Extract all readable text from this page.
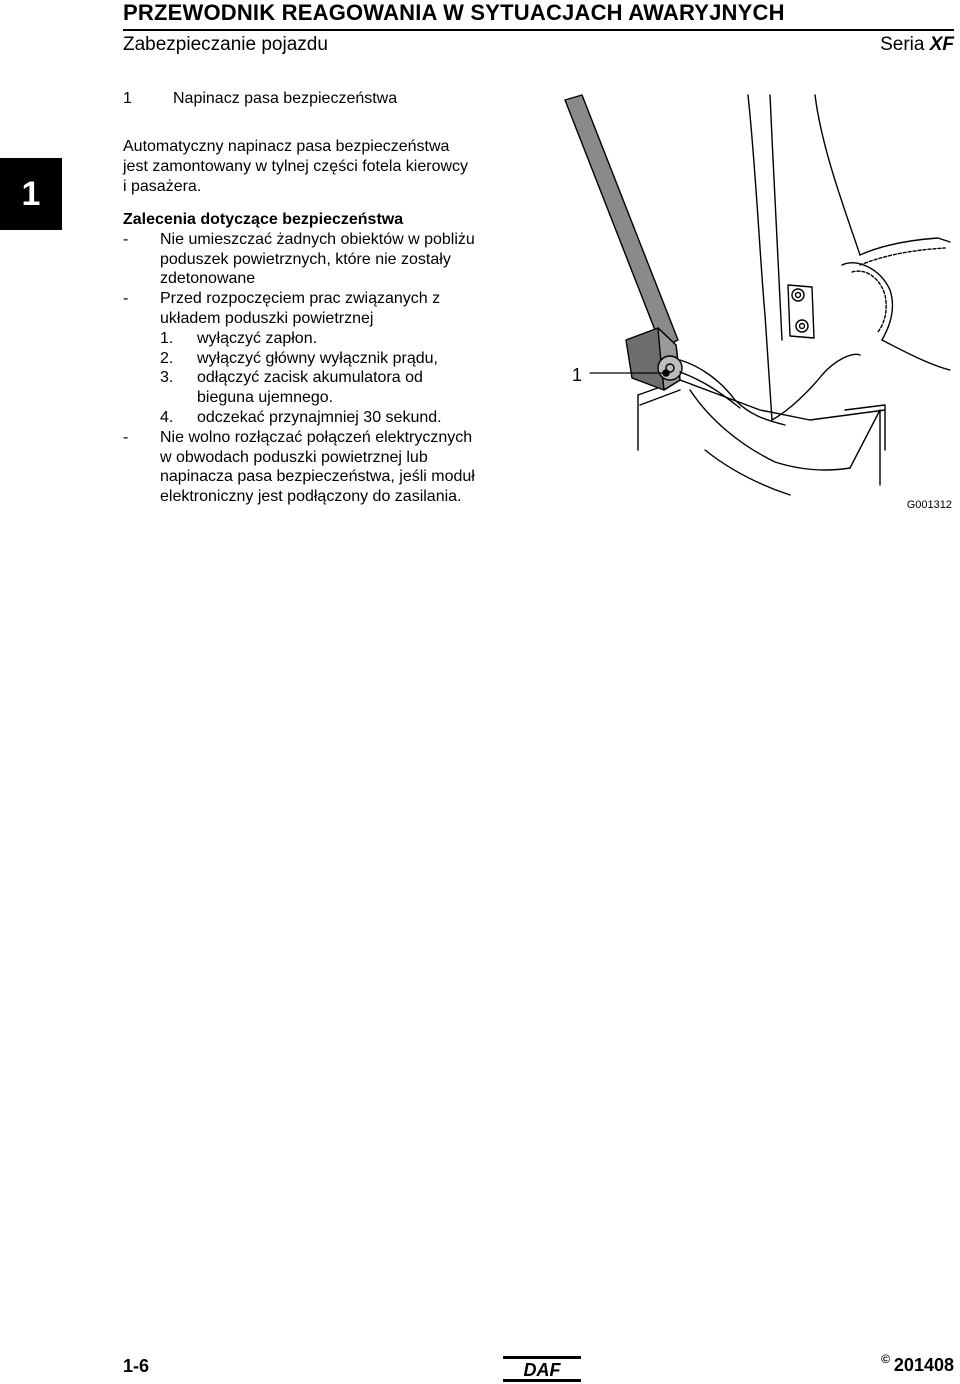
PRZEWODNIK REAGOWANIA W SYTUACJACH AWARYJNYCH
Zabezpieczanie pojazdu	Seria XF
1
1	Napinacz pasa bezpieczeństwa
Automatyczny napinacz pasa bezpieczeństwa
jest zamontowany w tylnej części fotela kierowcy
i pasażera.
Zalecenia dotyczące bezpieczeństwa
-	Nie umieszczać żadnych obiektów w pobliżu
poduszek powietrznych, które nie zostały
zdetonowane
-	Przed rozpoczęciem prac związanych z
układem poduszki powietrznej
1.	wyłączyć zapłon.
2.	wyłączyć główny wyłącznik prądu,
3.	odłączyć zacisk akumulatora od
bieguna ujemnego.
4.	odczekać przynajmniej 30 sekund.
-	Nie wolno rozłączać połączeń elektrycznych
w obwodach poduszki powietrznej lub
napinacza pasa bezpieczeństwa, jeśli moduł
elektroniczny jest podłączony do zasilania.
1
G001312
1-6	DAF
© 201408
